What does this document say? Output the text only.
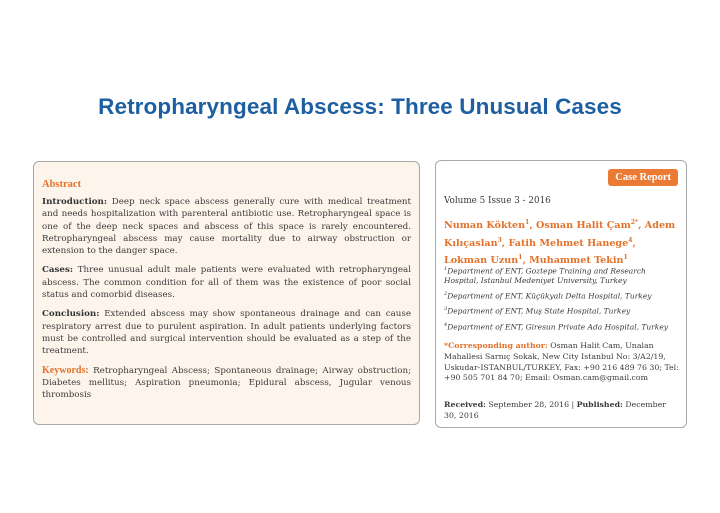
Retropharyngeal Abscess: Three Unusual Cases
Abstract

Introduction: Deep neck space abscess generally cure with medical treatment and needs hospitalization with parenteral antibiotic use. Retropharyngeal space is one of the deep neck spaces and abscess of this space is rarely encountered. Retropharyngeal abscess may cause mortality due to airway obstruction or extension to the danger space.

Cases: Three unusual adult male patients were evaluated with retropharyngeal abscess. The common condition for all of them was the existence of poor social status and comorbid diseases.

Conclusion: Extended abscess may show spontaneous drainage and can cause respiratory arrest due to purulent aspiration. In adult patients underlying factors must be controlled and surgical intervention should be evaluated as a step of the treatment.

Keywords: Retropharyngeal Abscess; Spontaneous drainage; Airway obstruction; Diabetes mellitus; Aspiration pneumonia; Epidural abscess, Jugular venous thrombosis

Case Report
Volume 5 Issue 3 - 2016
Numan Kökten$^1$, Osman Halit Çam$^{2*}$, Adem Kılıçaslan$^3$, Fatih Mehmet Hanege$^4$, Lokman Uzun$^1$, Muhammet Tekin$^1$
$^1$Department of ENT, Goztepe Training and Research Hospital, Istanbul Medeniyet University, Turkey
$^2$Department of ENT, Küçükyalı Delta Hospital, Turkey
$^3$Department of ENT, Muş State Hospital, Turkey
$^4$Department of ENT, Giresun Private Ada Hospital, Turkey
*Corresponding author: Osman Halit Cam, Unalan Mahallesi Sarnıç Sokak, New City Istanbul No: 3/A2/19, Uskudar-ISTANBUL/TURKEY, Fax: +90 216 489 76 30; Tel: +90 505 701 84 70; Email: Osman.cam@gmail.com
Received: September 28, 2016 | Published: December 30, 2016
